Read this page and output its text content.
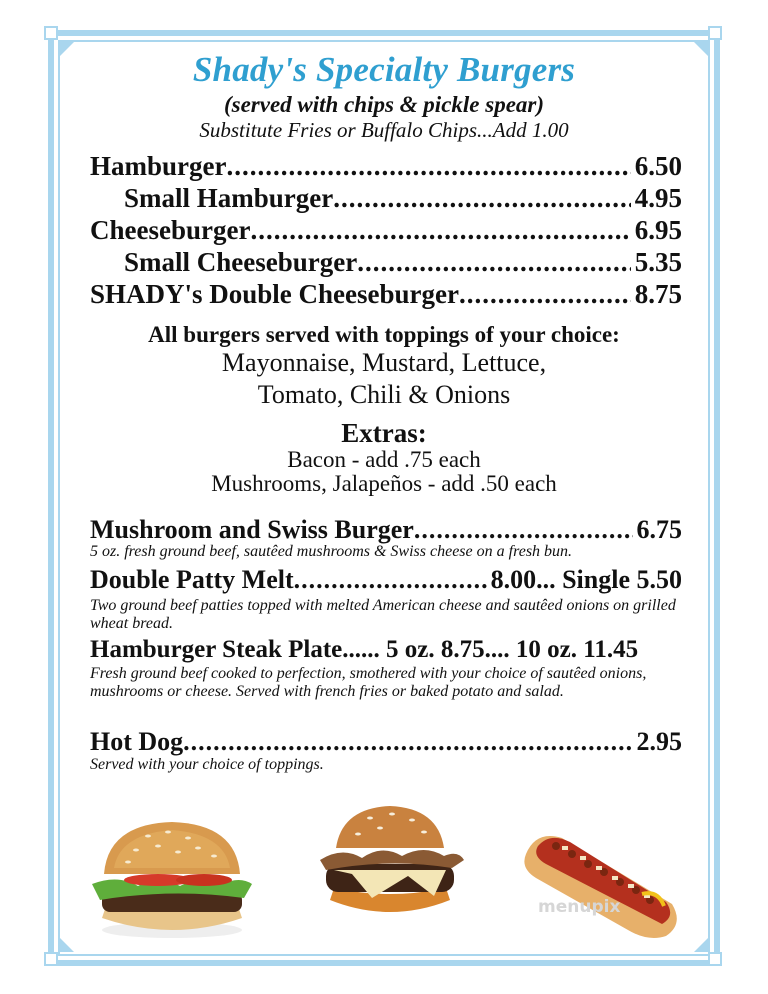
Shady's Specialty Burgers
(served with chips & pickle spear)
Substitute Fries or Buffalo Chips...Add 1.00
Hamburger .....	6.50
Small Hamburger .....	4.95
Cheeseburger .....	6.95
Small Cheeseburger .....	5.35
SHADY's Double Cheeseburger .....	8.75
All burgers served with toppings of your choice:
Mayonnaise, Mustard, Lettuce,
Tomato, Chili & Onions
Extras:
Bacon - add .75 each
Mushrooms, Jalapeños - add .50 each
Mushroom and Swiss Burger .....	6.75
5 oz. fresh ground beef, sautêed mushrooms & Swiss cheese on a fresh bun.
Double Patty Melt .....	8.00... Single 5.50
Two ground beef patties topped with melted American cheese and sautêed onions on grilled wheat bread.
Hamburger Steak Plate...... 5 oz. 8.75.... 10 oz. 11.45
Fresh ground beef cooked to perfection, smothered with your choice of sautêed onions, mushrooms or cheese. Served with french fries or baked potato and salad.
Hot Dog .....	2.95
Served with your choice of toppings.
menupix
